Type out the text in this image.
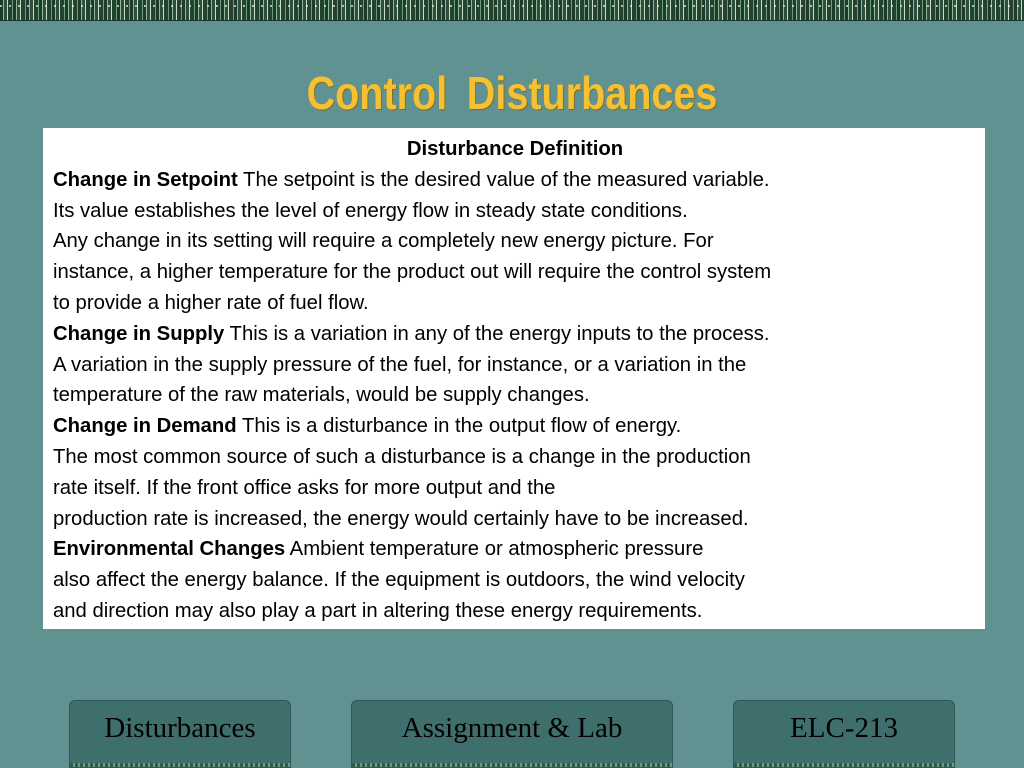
Control Disturbances
Disturbance Definition
Change in Setpoint The setpoint is the desired value of the measured variable.
Its value establishes the level of energy flow in steady state conditions.
Any change in its setting will require a completely new energy picture. For
instance, a higher temperature for the product out will require the control system
to provide a higher rate of fuel flow.
Change in Supply This is a variation in any of the energy inputs to the process.
A variation in the supply pressure of the fuel, for instance, or a variation in the
temperature of the raw materials, would be supply changes.
Change in Demand This is a disturbance in the output flow of energy.
The most common source of such a disturbance is a change in the production
rate itself. If the front office asks for more output and the
production rate is increased, the energy would certainly have to be increased.
Environmental Changes Ambient temperature or atmospheric pressure
also affect the energy balance. If the equipment is outdoors, the wind velocity
and direction may also play a part in altering these energy requirements.
Disturbances	Assignment & Lab	ELC-213
